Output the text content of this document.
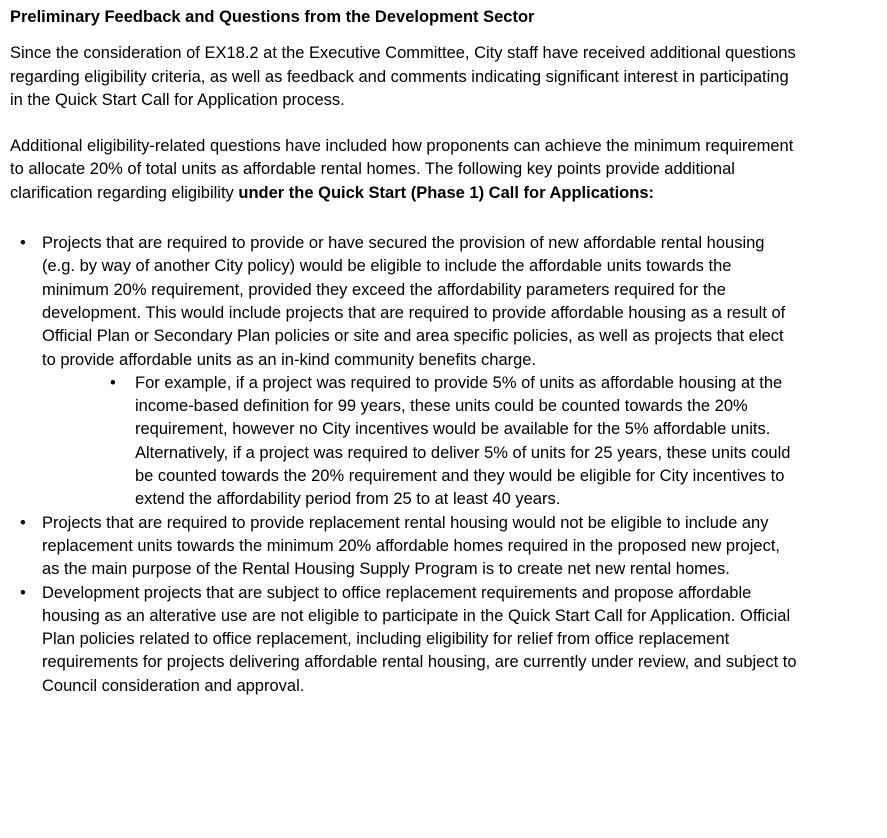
Preliminary Feedback and Questions from the Development Sector

Since the consideration of EX18.2 at the Executive Committee, City staff have received additional questions regarding eligibility criteria, as well as feedback and comments indicating significant interest in participating in the Quick Start Call for Application process.

Additional eligibility-related questions have included how proponents can achieve the minimum requirement to allocate 20% of total units as affordable rental homes. The following key points provide additional clarification regarding eligibility under the Quick Start (Phase 1) Call for Applications:

• Projects that are required to provide or have secured the provision of new affordable rental housing (e.g. by way of another City policy) would be eligible to include the affordable units towards the minimum 20% requirement, provided they exceed the affordability parameters required for the development. This would include projects that are required to provide affordable housing as a result of Official Plan or Secondary Plan policies or site and area specific policies, as well as projects that elect to provide affordable units as an in-kind community benefits charge.
• For example, if a project was required to provide 5% of units as affordable housing at the income-based definition for 99 years, these units could be counted towards the 20% requirement, however no City incentives would be available for the 5% affordable units. Alternatively, if a project was required to deliver 5% of units for 25 years, these units could be counted towards the 20% requirement and they would be eligible for City incentives to extend the affordability period from 25 to at least 40 years.
• Projects that are required to provide replacement rental housing would not be eligible to include any replacement units towards the minimum 20% affordable homes required in the proposed new project, as the main purpose of the Rental Housing Supply Program is to create net new rental homes.
• Development projects that are subject to office replacement requirements and propose affordable housing as an alterative use are not eligible to participate in the Quick Start Call for Application. Official Plan policies related to office replacement, including eligibility for relief from office replacement requirements for projects delivering affordable rental housing, are currently under review, and subject to Council consideration and approval.
